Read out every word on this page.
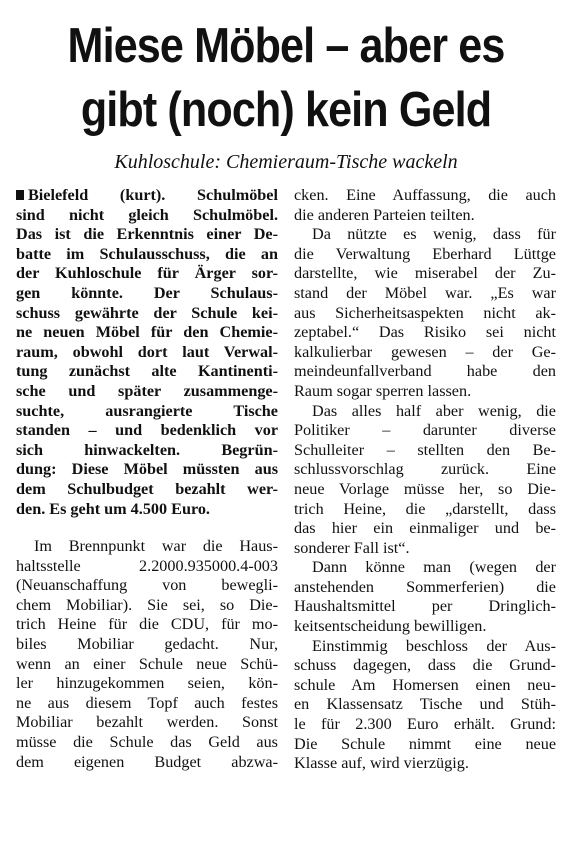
Miese Möbel – aber es
gibt (noch) kein Geld
Kuhloschule: Chemieraum-Tische wackeln
Bielefeld (kurt). Schulmöbel
sind nicht gleich Schulmöbel.
Das ist die Erkenntnis einer De-
batte im Schulausschuss, die an
der Kuhloschule für Ärger sor-
gen könnte. Der Schulaus-
schuss gewährte der Schule kei-
ne neuen Möbel für den Chemie-
raum, obwohl dort laut Verwal-
tung zunächst alte Kantinenti-
sche und später zusammenge-
suchte, ausrangierte Tische
standen – und bedenklich vor
sich hinwackelten. Begrün-
dung: Diese Möbel müssten aus
dem Schulbudget bezahlt wer-
den. Es geht um 4.500 Euro.
Im Brennpunkt war die Haus-
haltsstelle 2.2000.935000.4-003
(Neuanschaffung von bewegli-
chem Mobiliar). Sie sei, so Die-
trich Heine für die CDU, für mo-
biles Mobiliar gedacht. Nur,
wenn an einer Schule neue Schü-
ler hinzugekommen seien, kön-
ne aus diesem Topf auch festes
Mobiliar bezahlt werden. Sonst
müsse die Schule das Geld aus
dem eigenen Budget abzwa-
cken. Eine Auffassung, die auch
die anderen Parteien teilten.
Da nützte es wenig, dass für
die Verwaltung Eberhard Lüttge
darstellte, wie miserabel der Zu-
stand der Möbel war. „Es war
aus Sicherheitsaspekten nicht ak-
zeptabel.“ Das Risiko sei nicht
kalkulierbar gewesen – der Ge-
meindeunfallverband habe den
Raum sogar sperren lassen.
Das alles half aber wenig, die
Politiker – darunter diverse
Schulleiter – stellten den Be-
schlussvorschlag zurück. Eine
neue Vorlage müsse her, so Die-
trich Heine, die „darstellt, dass
das hier ein einmaliger und be-
sonderer Fall ist“.
Dann könne man (wegen der
anstehenden Sommerferien) die
Haushaltsmittel per Dringlich-
keitsentscheidung bewilligen.
Einstimmig beschloss der Aus-
schuss dagegen, dass die Grund-
schule Am Homersen einen neu-
en Klassensatz Tische und Stüh-
le für 2.300 Euro erhält. Grund:
Die Schule nimmt eine neue
Klasse auf, wird vierzügig.
